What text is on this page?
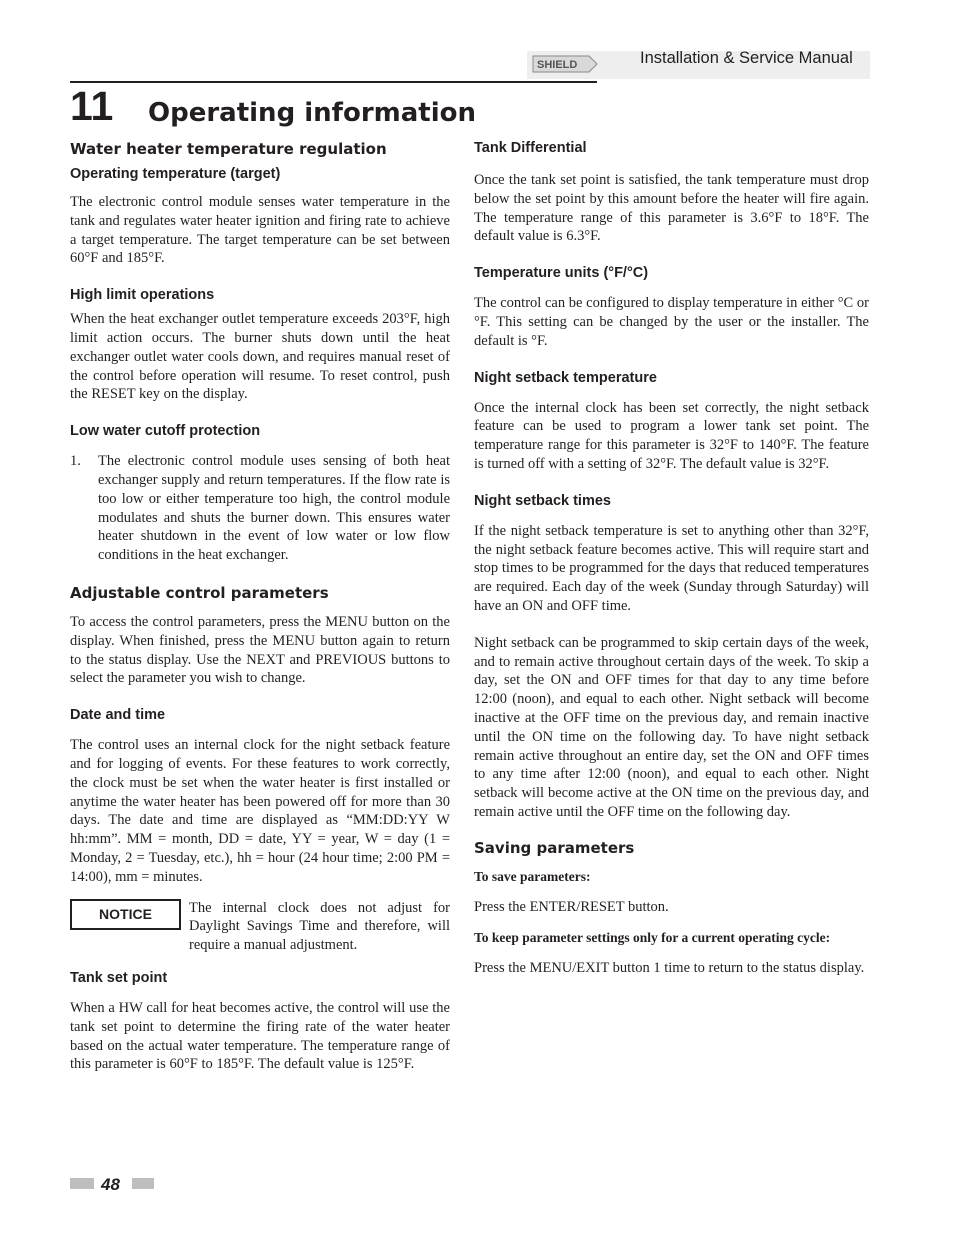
SHIELD	Installation & Service Manual
11 Operating information
Water heater temperature regulation
Operating temperature (target)

The electronic control module senses water temperature in the tank and regulates water heater ignition and firing rate to achieve a target temperature. The target temperature can be set between 60°F and 185°F.

High limit operations

When the heat exchanger outlet temperature exceeds 203°F, high limit action occurs. The burner shuts down until the heat exchanger outlet water cools down, and requires manual reset of the control before operation will resume. To reset control, push the RESET key on the display.

Low water cutoff protection
1.	The electronic control module uses sensing of both heat exchanger supply and return temperatures. If the flow rate is too low or either temperature too high, the control module modulates and shuts the burner down. This ensures water heater shutdown in the event of low water or low flow conditions in the heat exchanger.

Adjustable control parameters

To access the control parameters, press the MENU button on the display. When finished, press the MENU button again to return to the status display. Use the NEXT and PREVIOUS buttons to select the parameter you wish to change.

Date and time

The control uses an internal clock for the night setback feature and for logging of events. For these features to work correctly, the clock must be set when the water heater is first installed or anytime the water heater has been powered off for more than 30 days. The date and time are displayed as “MM:DD:YY W hh:mm”. MM = month, DD = date, YY = year, W = day (1 = Monday, 2 = Tuesday, etc.), hh = hour (24 hour time; 2:00 PM = 14:00), mm = minutes.

NOTICE	The internal clock does not adjust for Daylight Savings Time and therefore, will require a manual adjustment.

Tank set point

When a HW call for heat becomes active, the control will use the tank set point to determine the firing rate of the water heater based on the actual water temperature. The temperature range of this parameter is 60°F to 185°F. The default value is 125°F.

Tank Differential

Once the tank set point is satisfied, the tank temperature must drop below the set point by this amount before the heater will fire again. The temperature range of this parameter is 3.6°F to 18°F. The default value is 6.3°F.

Temperature units (°F/°C)

The control can be configured to display temperature in either °C or °F. This setting can be changed by the user or the installer. The default is °F.

Night setback temperature

Once the internal clock has been set correctly, the night setback feature can be used to program a lower tank set point. The temperature range for this parameter is 32°F to 140°F. The feature is turned off with a setting of 32°F. The default value is 32°F.

Night setback times

If the night setback temperature is set to anything other than 32°F, the night setback feature becomes active. This will require start and stop times to be programmed for the days that reduced temperatures are required. Each day of the week (Sunday through Saturday) will have an ON and OFF time.

Night setback can be programmed to skip certain days of the week, and to remain active throughout certain days of the week. To skip a day, set the ON and OFF times for that day to any time before 12:00 (noon), and equal to each other. Night setback will become inactive at the OFF time on the previous day, and remain inactive until the ON time on the following day. To have night setback remain active throughout an entire day, set the ON and OFF times to any time after 12:00 (noon), and equal to each other. Night setback will become active at the ON time on the previous day, and remain active until the OFF time on the following day.

Saving parameters

To save parameters:

Press the ENTER/RESET button.

To keep parameter settings only for a current operating cycle:

Press the MENU/EXIT button 1 time to return to the status display.

48
